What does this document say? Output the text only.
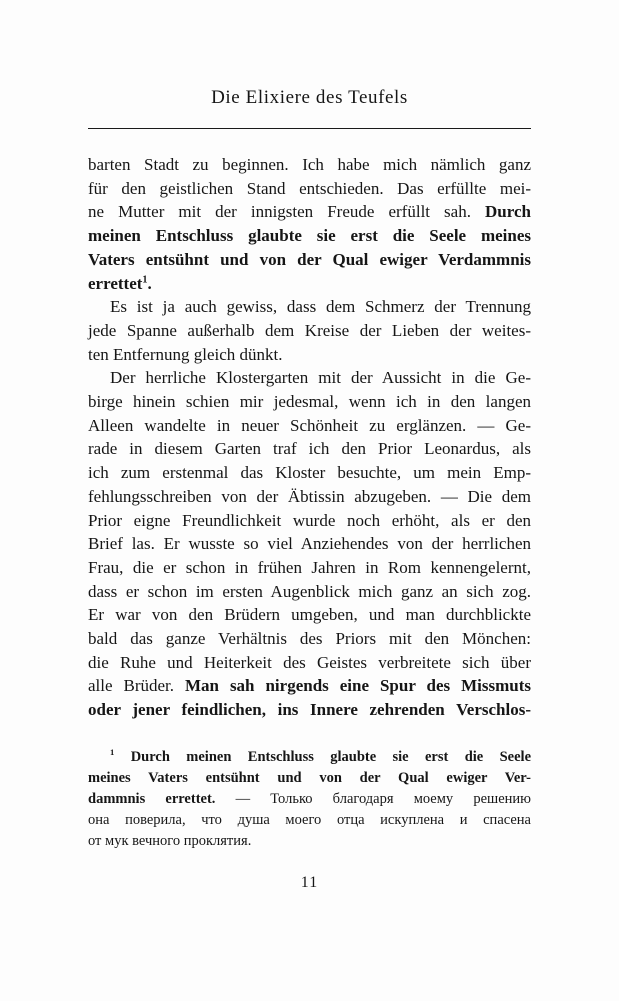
Die Elixiere des Teufels
barten Stadt zu beginnen. Ich habe mich nämlich ganz
für den geistlichen Stand entschieden. Das erfüllte mei-
ne Mutter mit der innigsten Freude erfüllt sah. Durch
meinen Entschluss glaubte sie erst die Seele meines
Vaters entsühnt und von der Qual ewiger Verdammnis
errettet$^1$.
Es ist ja auch gewiss, dass dem Schmerz der Trennung
jede Spanne außerhalb dem Kreise der Lieben der weites-
ten Entfernung gleich dünkt.
Der herrliche Klostergarten mit der Aussicht in die Ge-
birge hinein schien mir jedesmal, wenn ich in den langen
Alleen wandelte in neuer Schönheit zu erglänzen. — Ge-
rade in diesem Garten traf ich den Prior Leonardus, als
ich zum erstenmal das Kloster besuchte, um mein Emp-
fehlungsschreiben von der Äbtissin abzugeben. — Die dem
Prior eigne Freundlichkeit wurde noch erhöht, als er den
Brief las. Er wusste so viel Anziehendes von der herrlichen
Frau, die er schon in frühen Jahren in Rom kennengelernt,
dass er schon im ersten Augenblick mich ganz an sich zog.
Er war von den Brüdern umgeben, und man durchblickte
bald das ganze Verhältnis des Priors mit den Mönchen:
die Ruhe und Heiterkeit des Geistes verbreitete sich über
alle Brüder. Man sah nirgends eine Spur des Missmuts
oder jener feindlichen, ins Innere zehrenden Verschlos-
$^1$ Durch meinen Entschluss glaubte sie erst die Seele
meines Vaters entsühnt und von der Qual ewiger Ver-
dammnis errettet. — Только благодаря моему решению
она поверила, что душа моего отца искуплена и спасена
от мук вечного проклятия.
11
